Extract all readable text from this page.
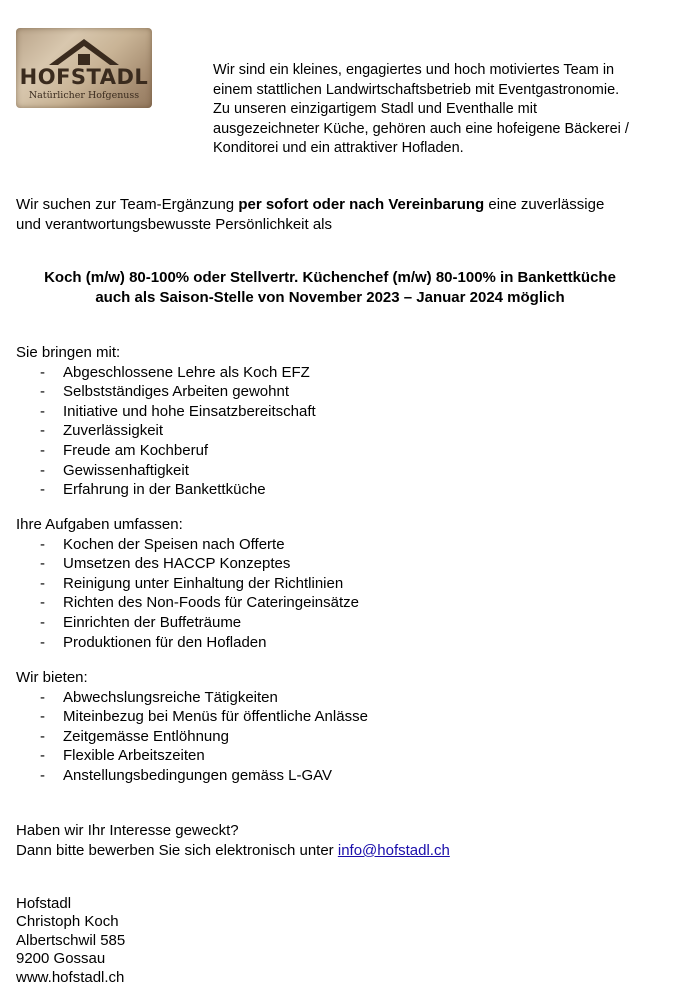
HOFSTADL
Natürlicher Hofgenuss
Wir sind ein kleines, engagiertes und hoch motiviertes Team in
einem stattlichen Landwirtschaftsbetrieb mit Eventgastronomie.
Zu unseren einzigartigem Stadl und Eventhalle mit
ausgezeichneter Küche, gehören auch eine hofeigene Bäckerei /
Konditorei und ein attraktiver Hofladen.
Wir suchen zur Team-Ergänzung per sofort oder nach Vereinbarung eine zuverlässige
und verantwortungsbewusste Persönlichkeit als
Koch (m/w) 80-100% oder Stellvertr. Küchenchef (m/w) 80-100% in Bankettküche
auch als Saison-Stelle von November 2023 – Januar 2024 möglich
Sie bringen mit:
- Abgeschlossene Lehre als Koch EFZ
- Selbstständiges Arbeiten gewohnt
- Initiative und hohe Einsatzbereitschaft
- Zuverlässigkeit
- Freude am Kochberuf
- Gewissenhaftigkeit
- Erfahrung in der Bankettküche
Ihre Aufgaben umfassen:
- Kochen der Speisen nach Offerte
- Umsetzen des HACCP Konzeptes
- Reinigung unter Einhaltung der Richtlinien
- Richten des Non-Foods für Cateringeinsätze
- Einrichten der Buffeträume
- Produktionen für den Hofladen
Wir bieten:
- Abwechslungsreiche Tätigkeiten
- Miteinbezug bei Menüs für öffentliche Anlässe
- Zeitgemässe Entlöhnung
- Flexible Arbeitszeiten
- Anstellungsbedingungen gemäss L-GAV
Haben wir Ihr Interesse geweckt?
Dann bitte bewerben Sie sich elektronisch unter info@hofstadl.ch
Hofstadl
Christoph Koch
Albertschwil 585
9200 Gossau
www.hofstadl.ch
